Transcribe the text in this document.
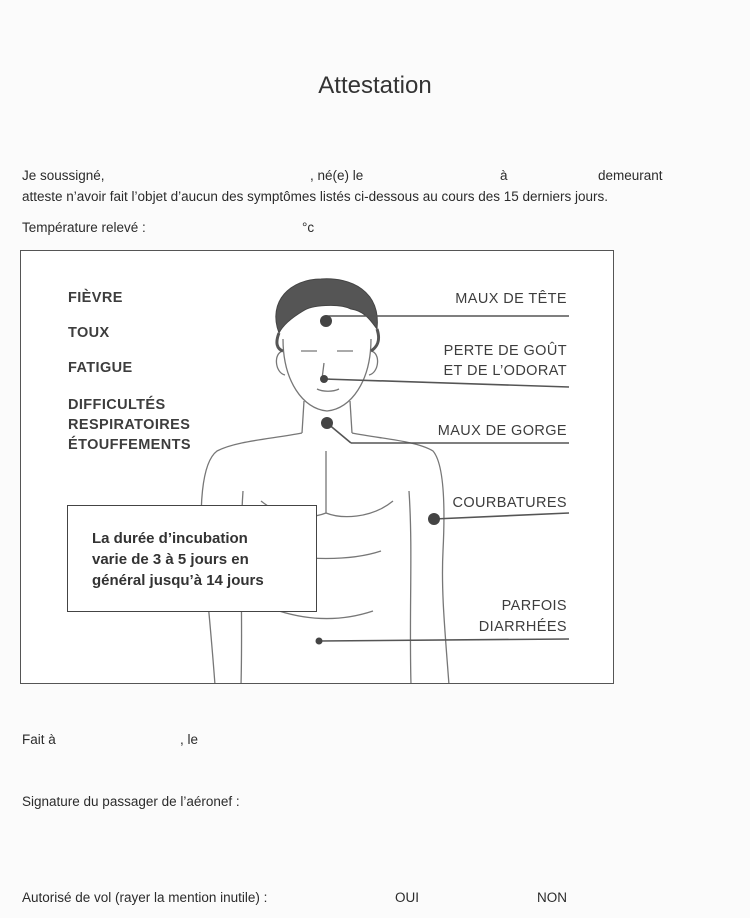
Attestation
Je soussigné,	, né(e) le	à	demeurant
atteste n’avoir fait l’objet d’aucun des symptômes listés ci-dessous au cours des 15 derniers jours.
Température relevé :	°c
FIÈVRE
TOUX
FATIGUE
DIFFICULTÉS
RESPIRATOIRES
ÉTOUFFEMENTS
MAUX DE TÊTE
PERTE DE GOÛT
ET DE L’ODORAT
MAUX DE GORGE
COURBATURES
PARFOIS
DIARRHÉES
La durée d’incubation
varie de 3 à 5 jours en
général jusqu’à 14 jours
Fait à	, le
Signature du passager de l’aéronef :
Autorisé de vol (rayer la mention inutile) :	OUI	NON
